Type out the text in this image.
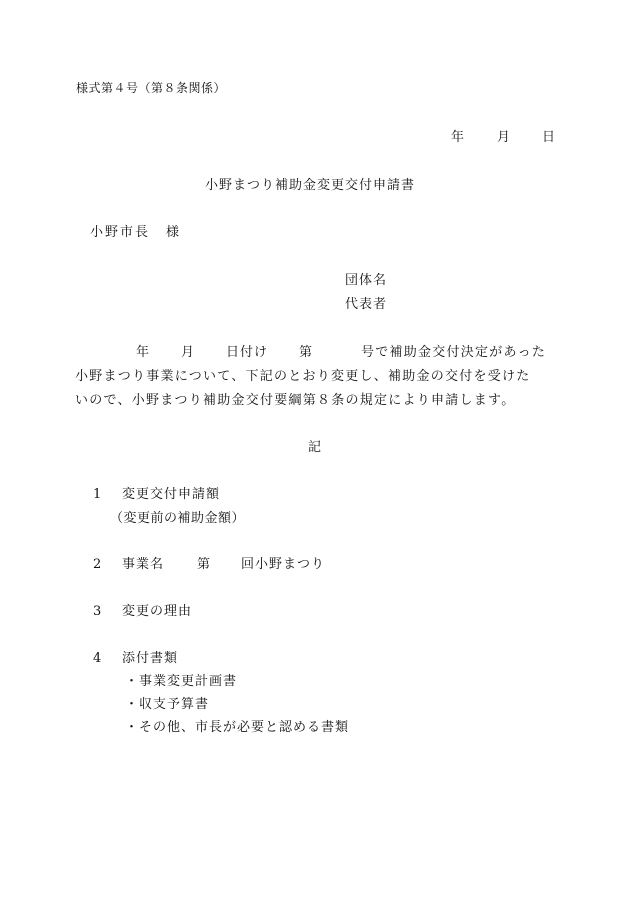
様式第４号（第８条関係）
年	月 日
小野まつり補助金変更交付申請書
小野市長 様
団体名
代表者
年 月 日付け 第	号で補助金交付決定があった
小野まつり事業について、下記のとおり変更し、補助金の交付を受けた
いので、小野まつり補助金交付要綱第８条の規定により申請します。
記
1 変更交付申請額
（変更前の補助金額）
2 事業名	第 回小野まつり
3 変更の理由
4 添付書類
・事業変更計画書
・収支予算書
・その他、市長が必要と認める書類
